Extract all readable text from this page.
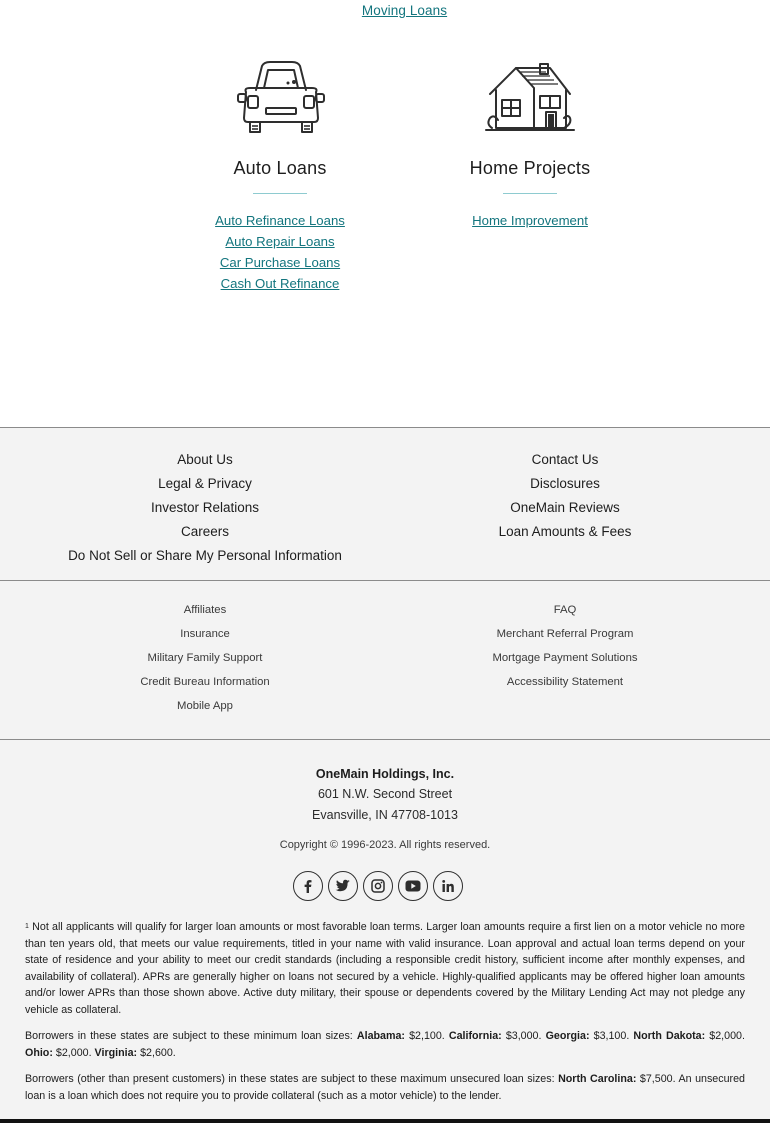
Moving Loans
Auto Loans
Auto Refinance Loans
Auto Repair Loans
Car Purchase Loans
Cash Out Refinance
Home Projects
Home Improvement
About Us
Legal & Privacy
Investor Relations
Careers
Do Not Sell or Share My Personal Information
Contact Us
Disclosures
OneMain Reviews
Loan Amounts & Fees
Affiliates
Insurance
Military Family Support
Credit Bureau Information
Mobile App
FAQ
Merchant Referral Program
Mortgage Payment Solutions
Accessibility Statement
OneMain Holdings, Inc.
601 N.W. Second Street
Evansville, IN 47708-1013
Copyright © 1996-2023. All rights reserved.

$^1$ Not all applicants will qualify for larger loan amounts or most favorable loan terms. Larger loan amounts require a first lien on a motor vehicle no more than ten years old, that meets our value requirements, titled in your name with valid insurance. Loan approval and actual loan terms depend on your state of residence and your ability to meet our credit standards (including a responsible credit history, sufficient income after monthly expenses, and availability of collateral). APRs are generally higher on loans not secured by a vehicle. Highly-qualified applicants may be offered higher loan amounts and/or lower APRs than those shown above. Active duty military, their spouse or dependents covered by the Military Lending Act may not pledge any vehicle as collateral.

Borrowers in these states are subject to these minimum loan sizes: Alabama: $2,100. California: $3,000. Georgia: $3,100. North Dakota: $2,000. Ohio: $2,000. Virginia: $2,600.

Borrowers (other than present customers) in these states are subject to these maximum unsecured loan sizes: North Carolina: $7,500. An unsecured loan is a loan which does not require you to provide collateral (such as a motor vehicle) to the lender.
